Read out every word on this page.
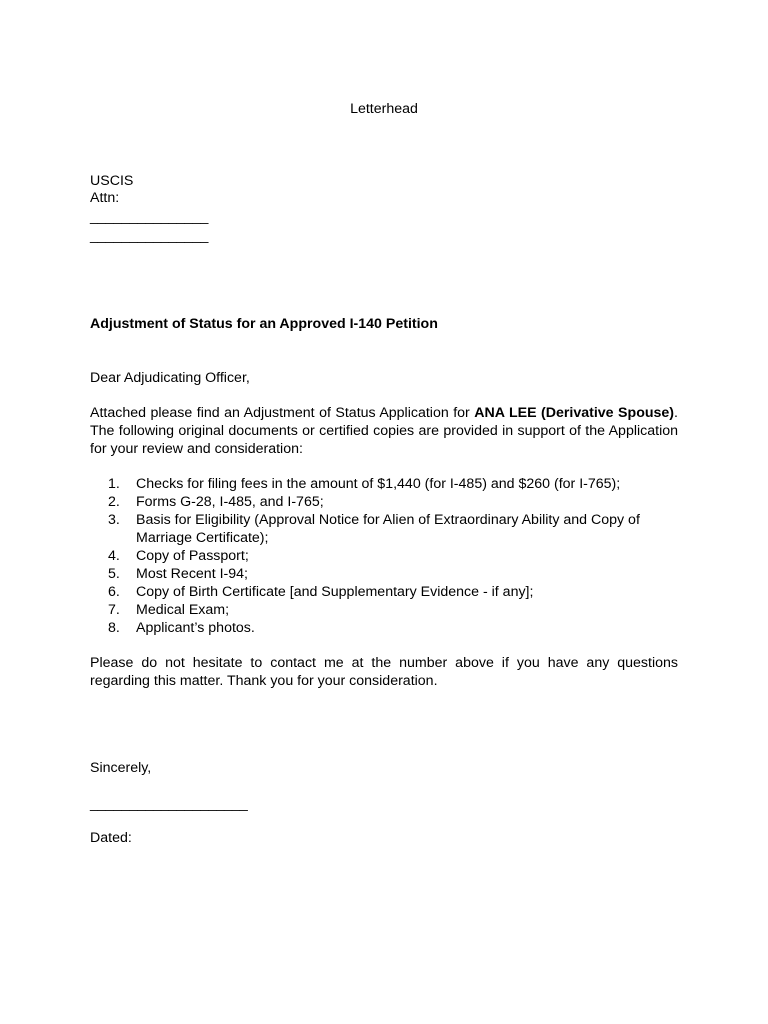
Letterhead
USCIS
Attn:
_______________
_______________
Adjustment of Status for an Approved I-140 Petition
Dear Adjudicating Officer,
Attached please find an Adjustment of Status Application for ANA LEE (Derivative Spouse). The following original documents or certified copies are provided in support of the Application for your review and consideration:
1. Checks for filing fees in the amount of $1,440 (for I-485) and $260 (for I-765);
2. Forms G-28, I-485, and I-765;
3. Basis for Eligibility (Approval Notice for Alien of Extraordinary Ability and Copy of Marriage Certificate);
4. Copy of Passport;
5. Most Recent I-94;
6. Copy of Birth Certificate [and Supplementary Evidence - if any];
7. Medical Exam;
8. Applicant’s photos.
Please do not hesitate to contact me at the number above if you have any questions regarding this matter. Thank you for your consideration.
Sincerely,
____________________
Dated:
